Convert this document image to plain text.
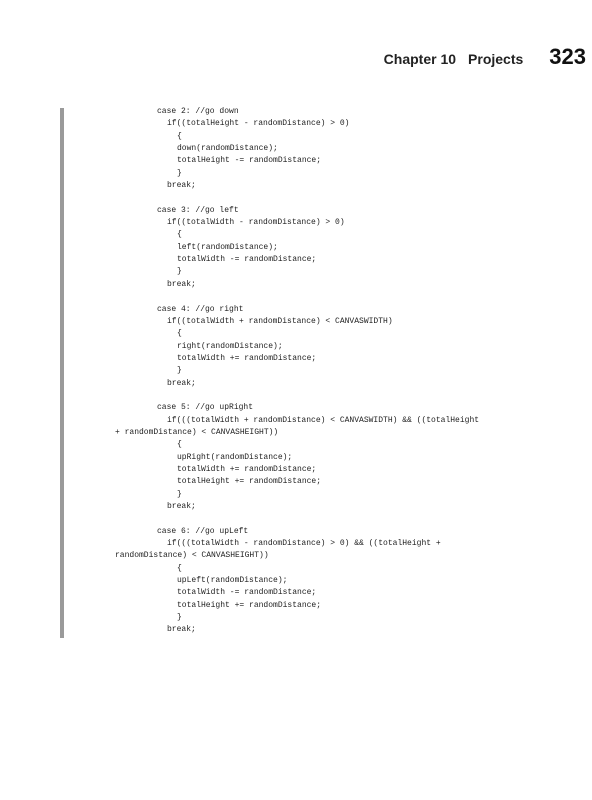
Chapter 10 Projects 323
case 2: //go down
if((totalHeight - randomDistance) > 0)
{
down(randomDistance);
totalHeight -= randomDistance;
}
break;
case 3: //go left
if((totalWidth - randomDistance) > 0)
{
left(randomDistance);
totalWidth -= randomDistance;
}
break;
case 4: //go right
if((totalWidth + randomDistance) < CANVASWIDTH)
{
right(randomDistance);
totalWidth += randomDistance;
}
break;
case 5: //go upRight
if(((totalWidth + randomDistance) < CANVASWIDTH) && ((totalHeight
+ randomDistance) < CANVASHEIGHT))
{
upRight(randomDistance);
totalWidth += randomDistance;
totalHeight += randomDistance;
}
break;
case 6: //go upLeft
if(((totalWidth - randomDistance) > 0) && ((totalHeight +
randomDistance) < CANVASHEIGHT))
{
upLeft(randomDistance);
totalWidth -= randomDistance;
totalHeight += randomDistance;
}
break;
